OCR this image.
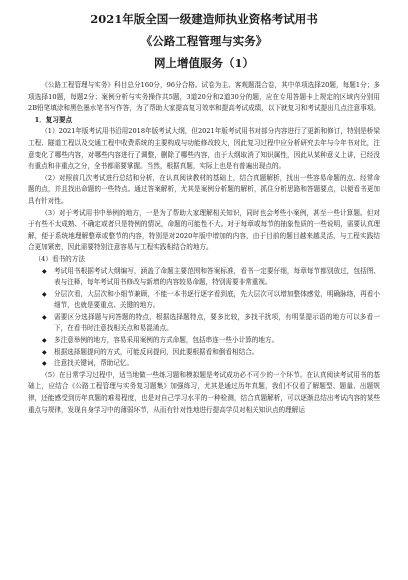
2021年版全国一级建造师执业资格考试用书
《公路工程管理与实务》
网上增值服务（1）

《公路工程管理与实务》科目总分160分，96分合格。试卷为主、客观题混合卷，其中单项选择20题，每题1分；多项选择10题，每题2分；案例分析与实务操作共5题，3道20分和2道30分的题，应在专用答题卡上规定的区域内分别用2B铅笔填涂和黑色墨水笔书写作答，为了帮助大家提高复习效率和提高考试成绩，以下就复习和考试提出几点注意事项。

1．复习要点

（1）2021年版考试用书沿用2018年版考试大纲，但2021年版考试用书对部分内容进行了更新和修订，特别是桥梁工程、隧道工程以及交通工程中收费系统的主要构成与功能修改较大，因此复习过程中应分析研究去年与今年书对比，注意变化了哪些内容，对哪些内容进行了调整，删除了哪些内容，由于大纲取消了知识属性，因此从某种意义上讲，已经没有重点和非重点之分，全书都需要掌握。当然，根据真题，实际上也是有普遍出现点的。

（2）对照前几次考试进行总结和分析，在认真阅读教材的基础上，结合真题解析，找出一些容易命题的点、经常命题的点，并且找出命题的一些特点。通过答案解析，尤其是案例分析题的解析，抓住分析思路和答题要点，以便看书更加具有针对性。

（3）对于考试用书中举例的地方，一是为了帮助大家理解相关知识，同时也会考些小案例，甚至一些计算题。但对于有些不太成熟、不确定或者只是特例的情况，命题的可能性不大。对于每章或每节的抽象性质的一些说明，需要认真理解，便于系统地理解整章或整节的内容，特别是对2020年版中增加的内容，由于目前的题目越来越灵活，与工程实践结合更加紧密，因此需要特别注意容易与工程实践相结合的地方。

（4）看书的方法

◆ 考试用书根据考试大纲编写，涵盖了命题主要范围和答案标准，看书一定要仔细，每章每节都别放过，包括图、表与注释，每年考试用书修改与新增的内容较易命题，特别需要非常重视。

◆ 分层次看，大层次和小细节兼顾，不能一本书逐行逐字看到底，先大层次可以增加整体感觉，明确脉络，再看小细节，也就是要重点、关键的地方。

◆ 需要区分选择题与问答题的特点，根据选择题特点，要多比较，多找干扰项，有明显提示语的地方可以多看一下，在看书时注意找相关点和易混淆点。

◆ 多注意举例的地方，容易采用案例的方式命题，包括串连一些小计算的地方。

◆ 根据选择题提问的方式，可能反问提问，因此要根据看和倒看相结合。

◆ 注意找关键词，帮助记忆。

（5）在日常学习过程中，适当地做一些练习题和模拟题是考试成功必不可少的一个环节。在认真阅读考试用书的基础上，应结合《公路工程管理与实务复习题集》加强练习，尤其是通过历年真题，我们不仅看了解题型、题量、出题规律，还能感受到历年真题的难易程度，也是对自己学习水平的一种检测，结合真题解析，可以逐渐总结出考试内容的某些重点与规律，发现自身学习中的薄弱环节，从而有针对性地进行提高学员对相关知识点的理解运
